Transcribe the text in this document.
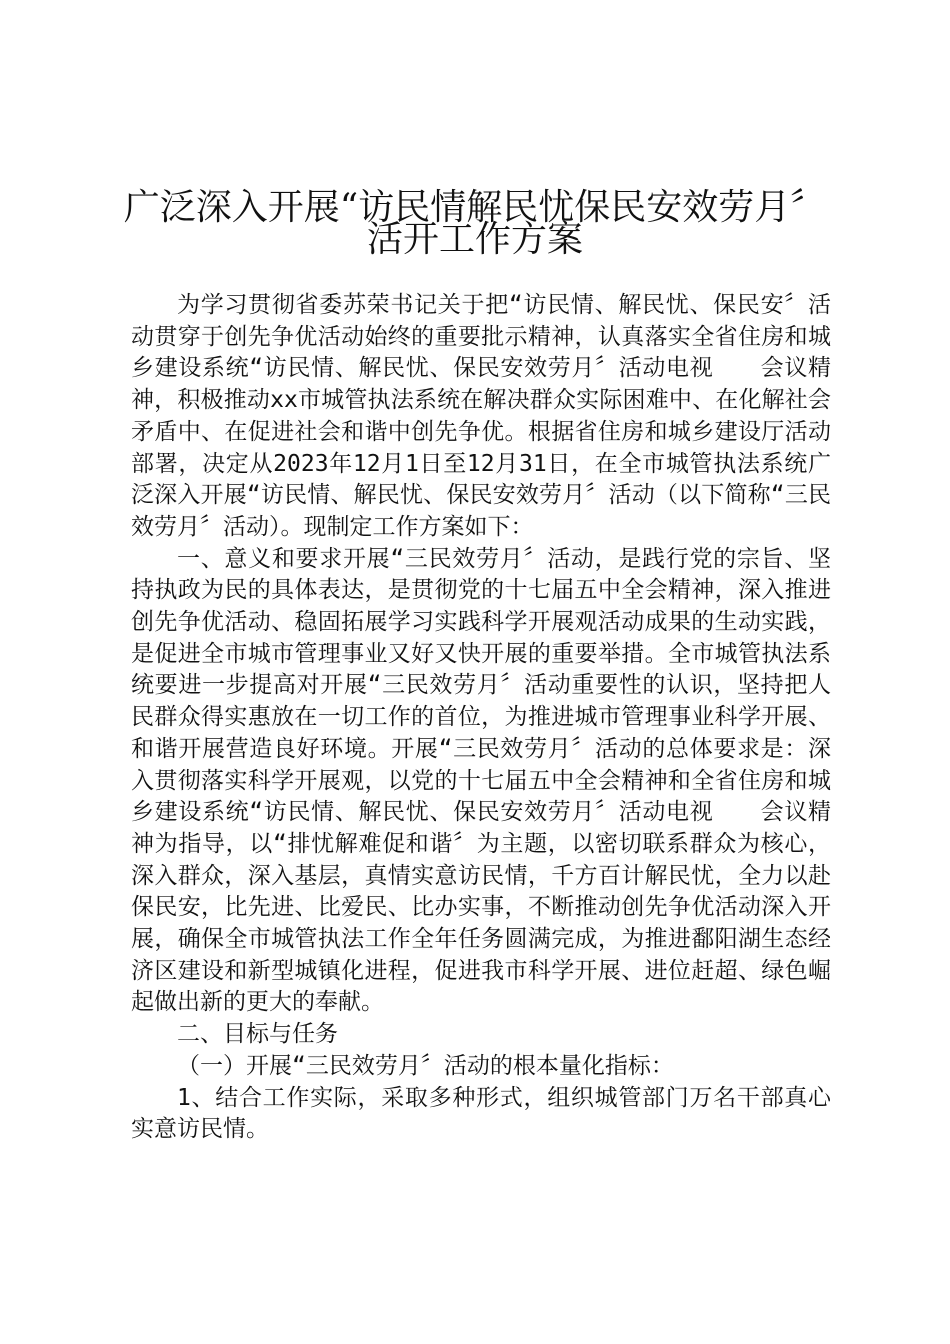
广泛深入开展“访民情解民忧保民安效劳月〞
活开工作方案

为学习贯彻省委苏荣书记关于把“访民情、解民忧、保民安〞活动贯穿于创先争优活动始终的重要批示精神，认真落实全省住房和城乡建设系统“访民情、解民忧、保民安效劳月〞活动电视　　会议精神，积极推动xx市城管执法系统在解决群众实际困难中、在化解社会矛盾中、在促进社会和谐中创先争优。根据省住房和城乡建设厅活动部署，决定从2023年12月1日至12月31日，在全市城管执法系统广泛深入开展“访民情、解民忧、保民安效劳月〞活动（以下简称“三民效劳月〞活动）。现制定工作方案如下：

一、意义和要求开展“三民效劳月〞活动，是践行党的宗旨、坚持执政为民的具体表达，是贯彻党的十七届五中全会精神，深入推进创先争优活动、稳固拓展学习实践科学开展观活动成果的生动实践，是促进全市城市管理事业又好又快开展的重要举措。全市城管执法系统要进一步提高对开展“三民效劳月〞活动重要性的认识，坚持把人民群众得实惠放在一切工作的首位，为推进城市管理事业科学开展、和谐开展营造良好环境。开展“三民效劳月〞活动的总体要求是：深入贯彻落实科学开展观，以党的十七届五中全会精神和全省住房和城乡建设系统“访民情、解民忧、保民安效劳月〞活动电视　　会议精神为指导，以“排忧解难促和谐〞为主题，以密切联系群众为核心，深入群众，深入基层，真情实意访民情，千方百计解民忧，全力以赴保民安，比先进、比爱民、比办实事，不断推动创先争优活动深入开展，确保全市城管执法工作全年任务圆满完成，为推进鄱阳湖生态经济区建设和新型城镇化进程，促进我市科学开展、进位赶超、绿色崛起做出新的更大的奉献。

二、目标与任务

（一）开展“三民效劳月〞活动的根本量化指标：

1、结合工作实际，采取多种形式，组织城管部门万名干部真心实意访民情。
